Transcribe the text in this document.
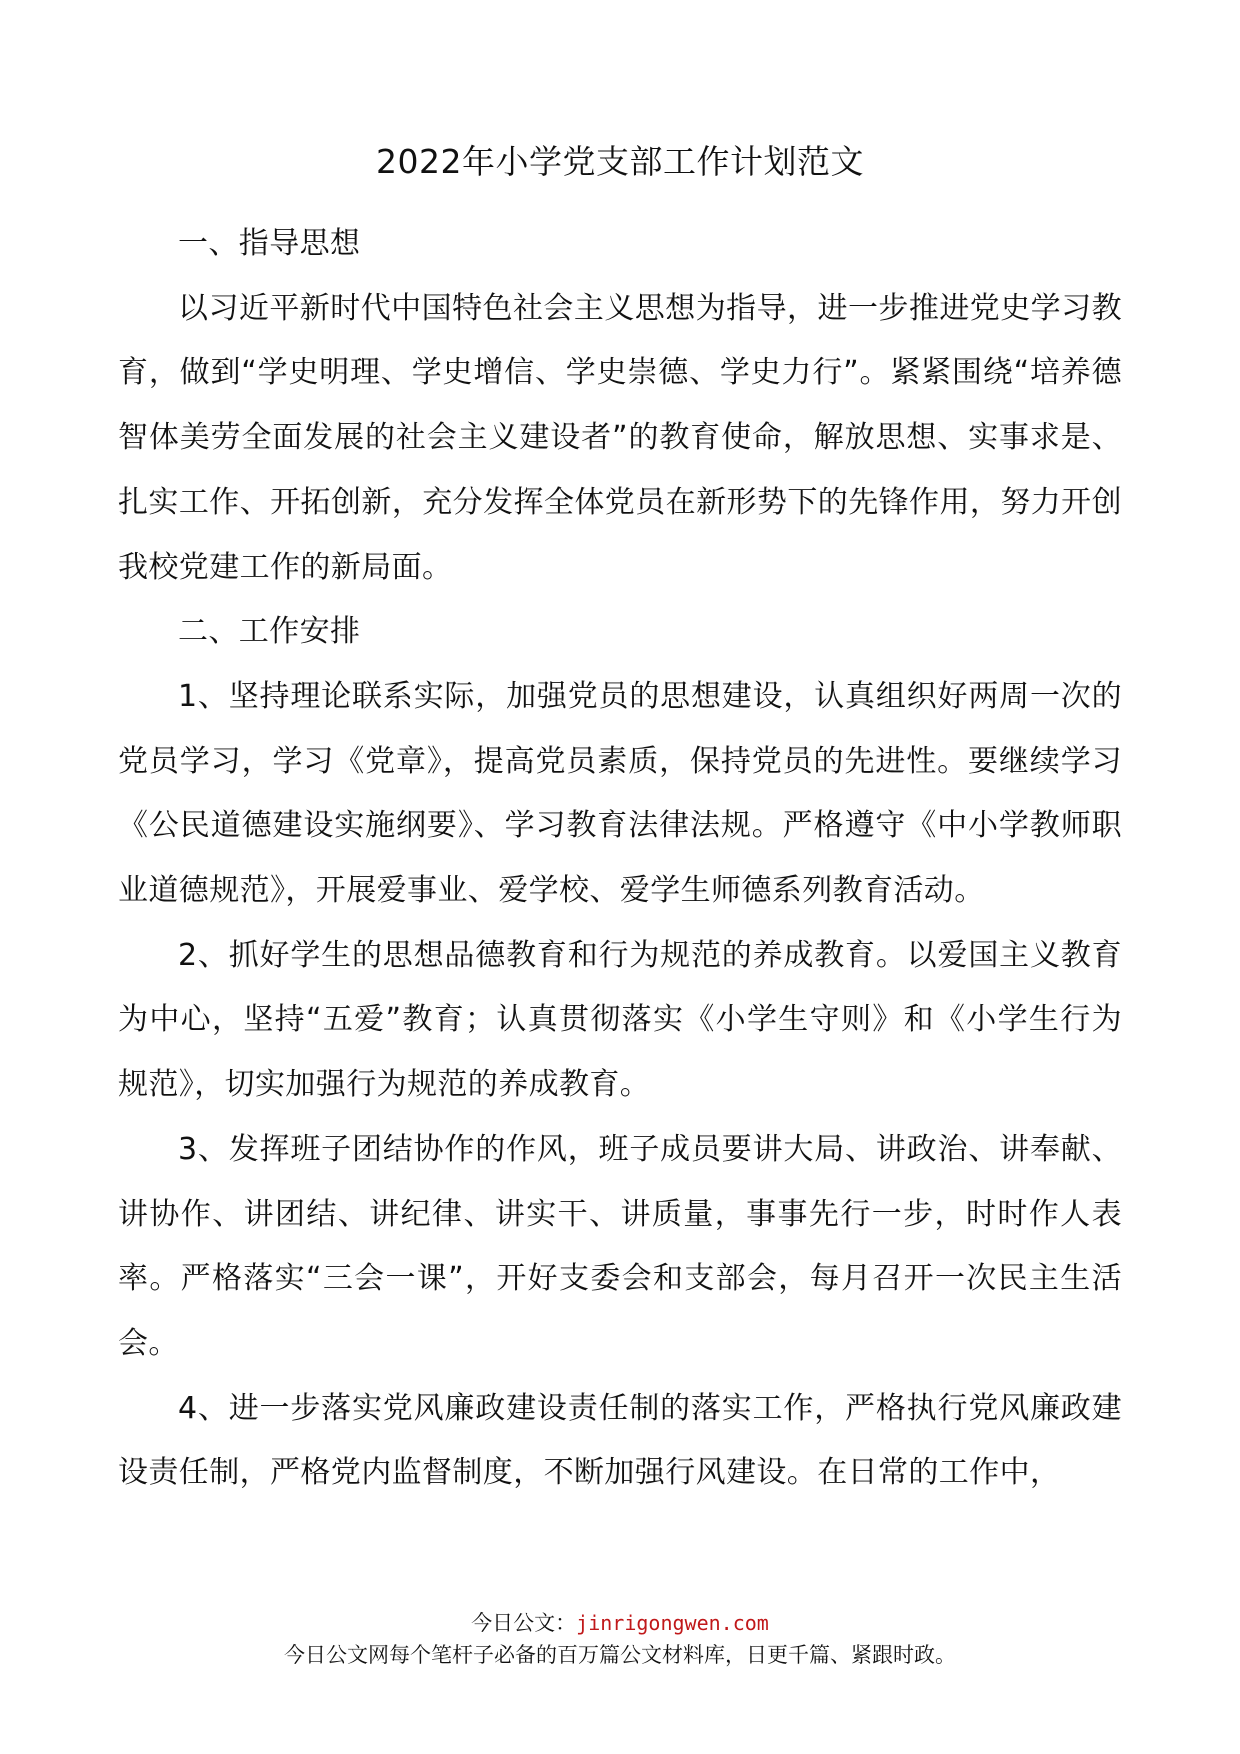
2022年小学党支部工作计划范文

一、指导思想

以习近平新时代中国特色社会主义思想为指导，进一步推进党史学习教育，做到“学史明理、学史增信、学史崇德、学史力行”。紧紧围绕“培养德智体美劳全面发展的社会主义建设者”的教育使命，解放思想、实事求是、扎实工作、开拓创新，充分发挥全体党员在新形势下的先锋作用，努力开创我校党建工作的新局面。

二、工作安排

1、坚持理论联系实际，加强党员的思想建设，认真组织好两周一次的党员学习，学习《党章》，提高党员素质，保持党员的先进性。要继续学习《公民道德建设实施纲要》、学习教育法律法规。严格遵守《中小学教师职业道德规范》，开展爱事业、爱学校、爱学生师德系列教育活动。

2、抓好学生的思想品德教育和行为规范的养成教育。以爱国主义教育为中心，坚持“五爱”教育；认真贯彻落实《小学生守则》和《小学生行为规范》，切实加强行为规范的养成教育。

3、发挥班子团结协作的作风，班子成员要讲大局、讲政治、讲奉献、讲协作、讲团结、讲纪律、讲实干、讲质量，事事先行一步，时时作人表率。严格落实“三会一课”，开好支委会和支部会，每月召开一次民主生活会。

4、进一步落实党风廉政建设责任制的落实工作，严格执行党风廉政建设责任制，严格党内监督制度，不断加强行风建设。在日常的工作中，

今日公文：jinrigongwen.com
今日公文网每个笔杆子必备的百万篇公文材料库，日更千篇、紧跟时政。
